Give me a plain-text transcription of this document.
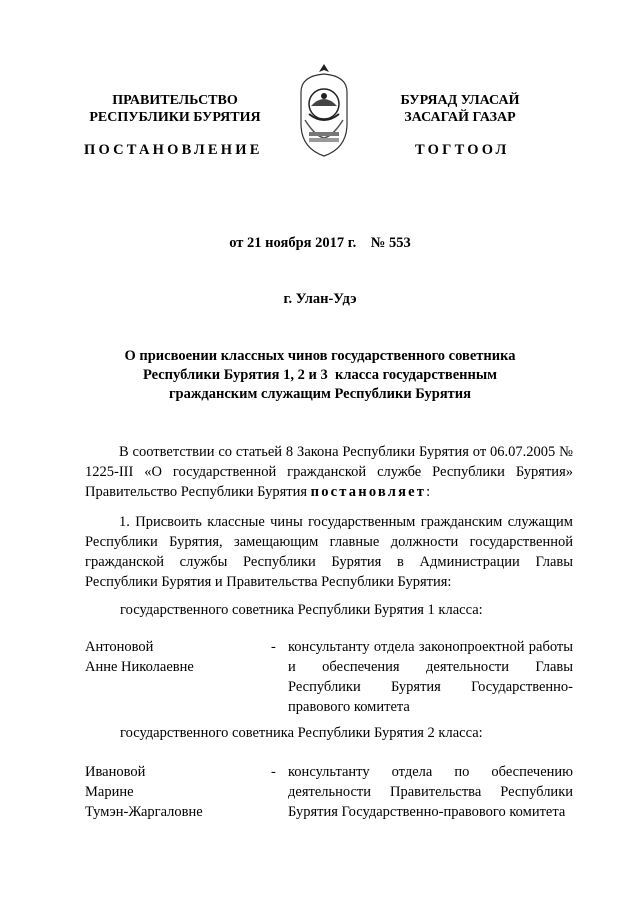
ПРАВИТЕЛЬСТВО
РЕСПУБЛИКИ БУРЯТИЯ
БУРЯАД УЛАСАЙ
ЗАСАГАЙ ГАЗАР
ПОСТАНОВЛЕНИЕ	ТОГТООЛ
от 21 ноября 2017 г.    № 553
г. Улан-Удэ
О присвоении классных чинов государственного советника
Республики Бурятия 1, 2 и 3  класса государственным
гражданским служащим Республики Бурятия
В соответствии со статьей 8 Закона Республики Бурятия от 06.07.2005 № 1225-III «О государственной гражданской службе Республики Бурятия» Правительство Республики Бурятия постановляет:
1. Присвоить классные чины государственным гражданским служащим Республики Бурятия, замещающим главные должности государственной гражданской службы Республики Бурятия в Администрации Главы Республики Бурятия и Правительства Республики Бурятия:
государственного советника Республики Бурятия 1 класса:
Антоновой
Анне Николаевне
- консультанту отдела законопроектной работы и обеспечения деятельности Главы Республики Бурятия Государственно-правового комитета
государственного советника Республики Бурятия 2 класса:
Ивановой
Марине
Тумэн-Жаргаловне
- консультанту отдела по обеспечению деятельности Правительства Республики Бурятия Государственно-правового комитета
